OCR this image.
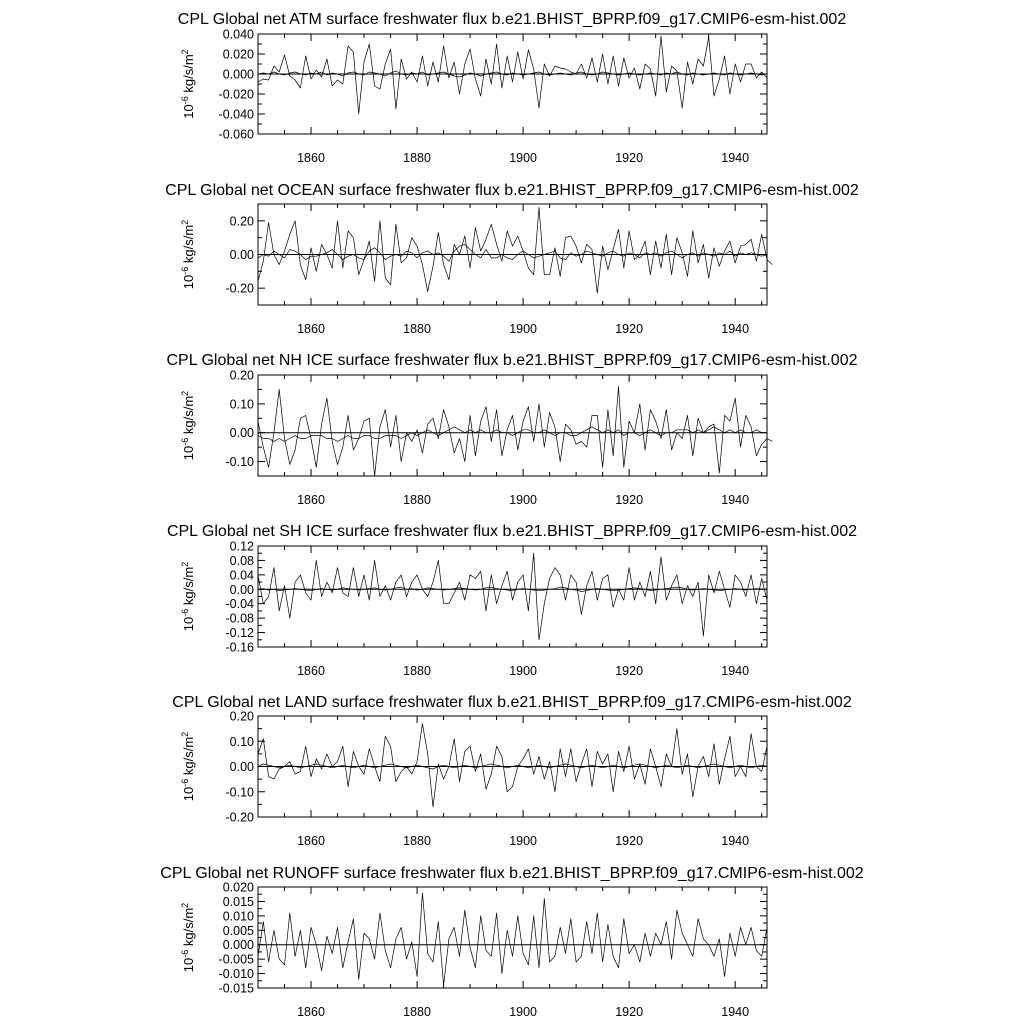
CPL Global net ATM surface freshwater flux b.e21.BHIST_BPRP.f09_g17.CMIP6-esm-hist.002
1860	1880	1900	1920	1940
-0.060
-0.040
-0.020
0.000
0.020
0.040
$10^{-6}$ $kg/s/m^2$
CPL Global net OCEAN surface freshwater flux b.e21.BHIST_BPRP.f09_g17.CMIP6-esm-hist.002
1860	1880	1900	1920	1940
-0.20
0.00
0.20
$10^{-6}$ $kg/s/m^2$
CPL Global net NH ICE surface freshwater flux b.e21.BHIST_BPRP.f09_g17.CMIP6-esm-hist.002
1860	1880	1900	1920	1940
-0.10
0.00
0.10
0.20
$10^{-6}$ $kg/s/m^2$
CPL Global net SH ICE surface freshwater flux b.e21.BHIST_BPRP.f09_g17.CMIP6-esm-hist.002
1860	1880	1900	1920	1940
-0.16
-0.12
-0.08
-0.04
0.00
0.04
0.08
0.12
$10^{-6}$ $kg/s/m^2$
CPL Global net LAND surface freshwater flux b.e21.BHIST_BPRP.f09_g17.CMIP6-esm-hist.002
1860	1880	1900	1920	1940
-0.20
-0.10
0.00
0.10
0.20
$10^{-6}$ $kg/s/m^2$
CPL Global net RUNOFF surface freshwater flux b.e21.BHIST_BPRP.f09_g17.CMIP6-esm-hist.002
1860	1880	1900	1920	1940
-0.015
-0.010
-0.005
0.000
0.005
0.010
0.015
0.020
$10^{-6}$ $kg/s/m^2$
